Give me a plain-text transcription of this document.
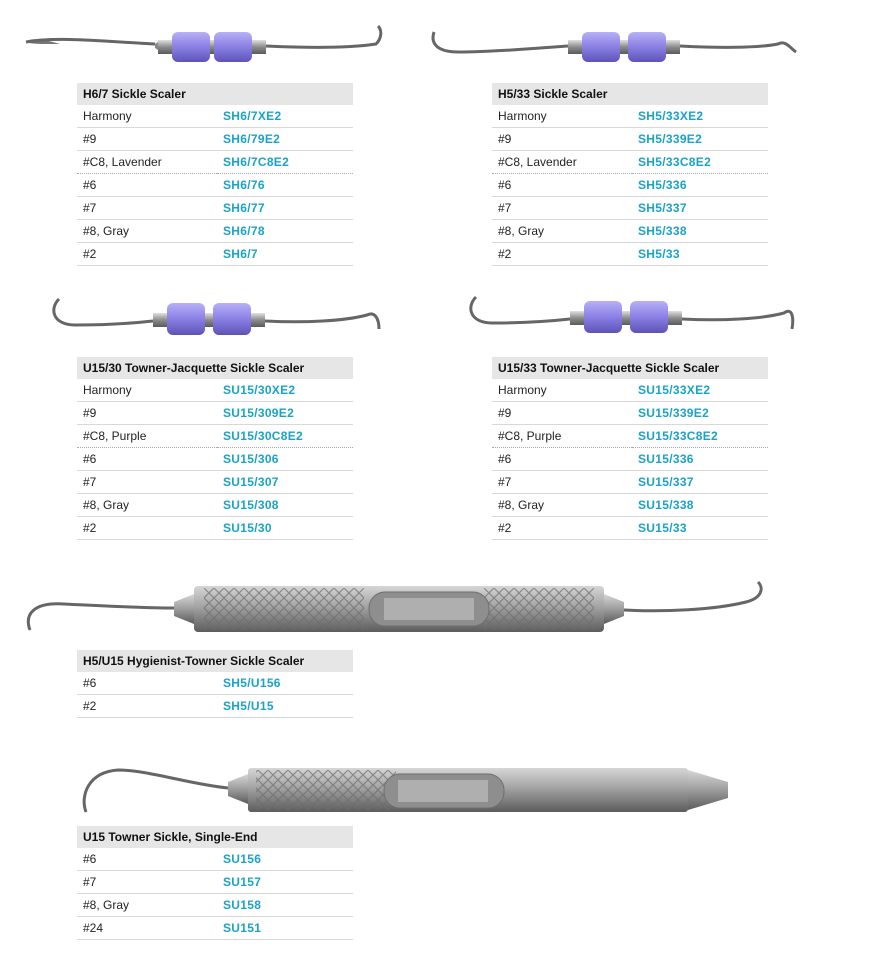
H6/7 Sickle Scaler	
Harmony	SH6/7XE2
#9	SH6/79E2
#C8, Lavender	SH6/7C8E2
#6	SH6/76
#7	SH6/77
#8, Gray	SH6/78
#2	SH6/7
H5/33 Sickle Scaler	
Harmony	SH5/33XE2
#9	SH5/339E2
#C8, Lavender	SH5/33C8E2
#6	SH5/336
#7	SH5/337
#8, Gray	SH5/338
#2	SH5/33
U15/30 Towner-Jacquette Sickle Scaler	
Harmony	SU15/30XE2
#9	SU15/309E2
#C8, Purple	SU15/30C8E2
#6	SU15/306
#7	SU15/307
#8, Gray	SU15/308
#2	SU15/30
U15/33 Towner-Jacquette Sickle Scaler	
Harmony	SU15/33XE2
#9	SU15/339E2
#C8, Purple	SU15/33C8E2
#6	SU15/336
#7	SU15/337
#8, Gray	SU15/338
#2	SU15/33
H5/U15 Hygienist-Towner Sickle Scaler	
#6	SH5/U156
#2	SH5/U15
U15 Towner Sickle, Single-End	
#6	SU156
#7	SU157
#8, Gray	SU158
#24	SU151
